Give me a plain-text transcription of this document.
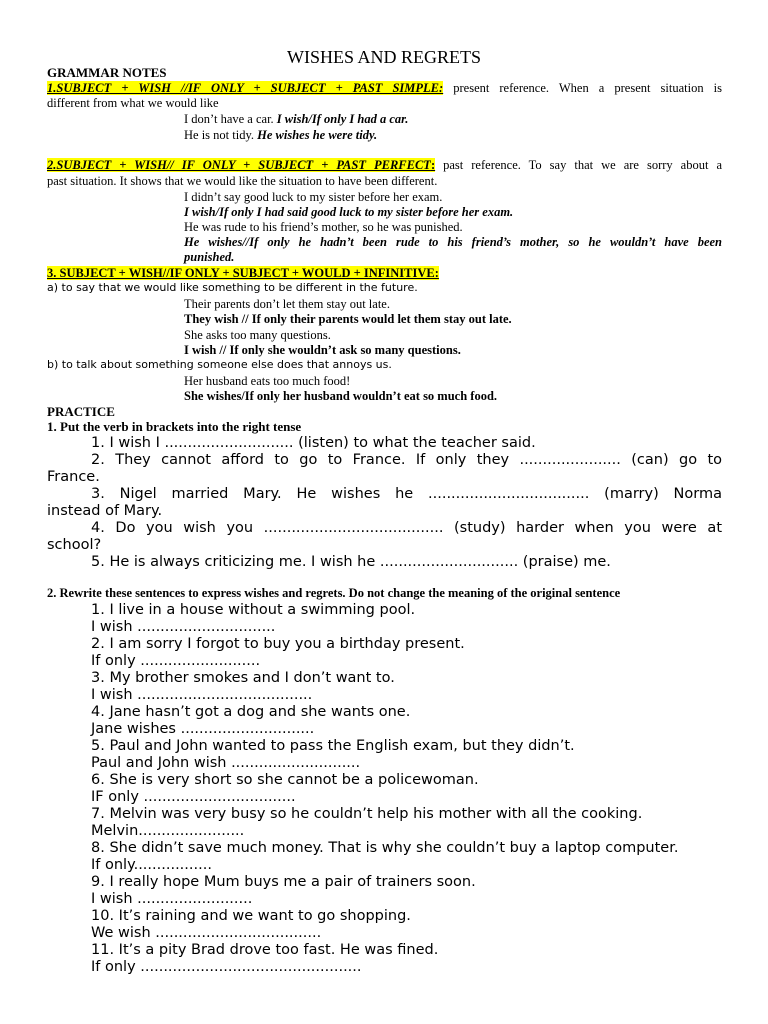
WISHES AND REGRETS
GRAMMAR NOTES
1.SUBJECT + WISH //IF ONLY + SUBJECT + PAST SIMPLE: present reference. When a present situation is
different from what we would like
I don’t have a car. I wish/If only I had a car.
He is not tidy. He wishes he were tidy.
2.SUBJECT + WISH// IF ONLY + SUBJECT + PAST PERFECT: past reference. To say that we are sorry about a
past situation. It shows that we would like the situation to have been different.
I didn’t say good luck to my sister before her exam.
I wish/If only I had said good luck to my sister before her exam.
He was rude to his friend’s mother, so he was punished.
He wishes//If only he hadn’t been rude to his friend’s mother, so he wouldn’t have been
punished.
3. SUBJECT + WISH//IF ONLY + SUBJECT + WOULD + INFINITIVE:
a) to say that we would like something to be different in the future.
Their parents don’t let them stay out late.
They wish // If only their parents would let them stay out late.
She asks too many questions.
I wish // If only she wouldn’t ask so many questions.
b) to talk about something someone else does that annoys us.
Her husband eats too much food!
She wishes/If only her husband wouldn’t eat so much food.
PRACTICE
1. Put the verb in brackets into the right tense
1. I wish I ............................ (listen) to what the teacher said.
2. They cannot afford to go to France. If only they ...................... (can) go to
France.
3. Nigel married Mary. He wishes he ................................... (marry) Norma
instead of Mary.
4. Do you wish you ....................................... (study) harder when you were at
school?
5. He is always criticizing me. I wish he .............................. (praise) me.
2. Rewrite these sentences to express wishes and regrets. Do not change the meaning of the original sentence
1. I live in a house without a swimming pool.
I wish ..............................
2. I am sorry I forgot to buy you a birthday present.
If only ..........................
3. My brother smokes and I don’t want to.
I wish ......................................
4. Jane hasn’t got a dog and she wants one.
Jane wishes .............................
5. Paul and John wanted to pass the English exam, but they didn’t.
Paul and John wish ............................
6. She is very short so she cannot be a policewoman.
IF only .................................
7. Melvin was very busy so he couldn’t help his mother with all the cooking.
Melvin.......................
8. She didn’t save much money. That is why she couldn’t buy a laptop computer.
If only.................
9. I really hope Mum buys me a pair of trainers soon.
I wish .........................
10. It’s raining and we want to go shopping.
We wish ....................................
11. It’s a pity Brad drove too fast. He was fined.
If only ................................................
